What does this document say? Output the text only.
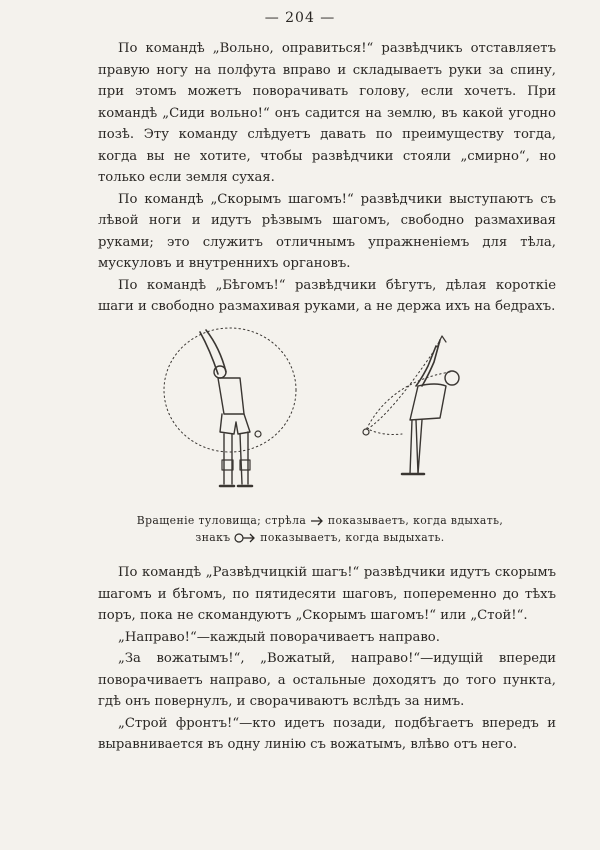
— 204 —

По командѣ „Вольно, оправиться!“ развѣдчикъ отставляетъ правую ногу на полфута вправо и складываетъ руки за спину, при этомъ можетъ поворачивать голову, если хочетъ. При командѣ „Сиди вольно!“ онъ садится на землю, въ какой угодно позѣ. Эту команду слѣдуетъ давать по преимуществу тогда, когда вы не хотите, чтобы развѣдчики стояли „смирно“, но только если земля сухая.

По командѣ „Скорымъ шагомъ!“ развѣдчики выступаютъ съ лѣвой ноги и идутъ рѣзвымъ шагомъ, свободно размахивая руками; это служитъ отличнымъ упражненіемъ для тѣла, мускуловъ и внутреннихъ органовъ.

По командѣ „Бѣгомъ!“ развѣдчики бѣгутъ, дѣлая короткіе шаги и свободно размахивая руками, а не держа ихъ на бедрахъ.

Вращеніе туловища; стрѣла показываетъ, когда вдыхать,
знакъ	показываетъ, когда выдыхать.

По командѣ „Развѣдчицкій шагъ!“ развѣдчики идутъ скорымъ шагомъ и бѣгомъ, по пятидесяти шаговъ, попеременно до тѣхъ поръ, пока не скомандуютъ „Скорымъ шагомъ!“ или „Стой!“.

„Направо!“—каждый поворачиваетъ направо.

„За вожатымъ!“, „Вожатый, направо!“—идущій впереди поворачиваетъ направо, а остальные доходятъ до того пункта, гдѣ онъ повернулъ, и сворачиваютъ вслѣдъ за нимъ.

„Строй фронтъ!“—кто идетъ позади, подбѣгаетъ впередъ и выравнивается въ одну линію съ вожатымъ, влѣво отъ него.
